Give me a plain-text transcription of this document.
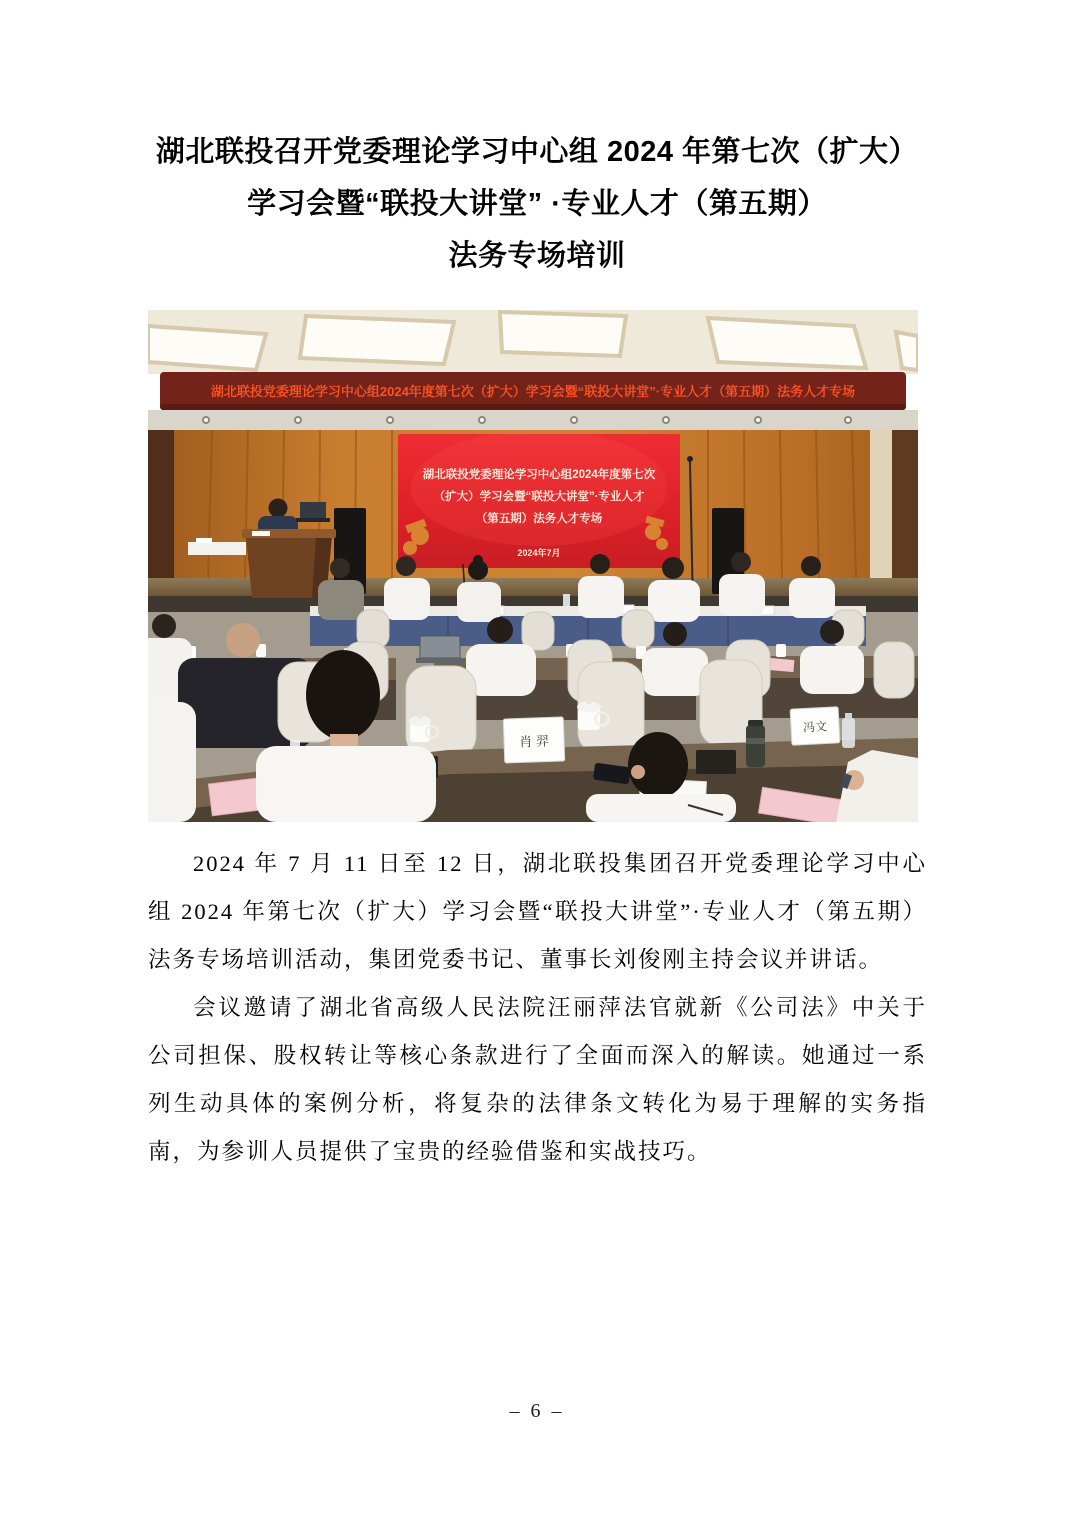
湖北联投召开党委理论学习中心组 2024 年第七次（扩大）
学习会暨“联投大讲堂” ·专业人才（第五期）
法务专场培训
湖北联投党委理论学习中心组2024年度第七次（扩大）学习会暨“联投大讲堂”·专业人才（第五期）法务人才专场
湖北联投党委理论学习中心组2024年度第七次
（扩大）学习会暨“联投大讲堂”·专业人才
（第五期）法务人才专场
2024年7月
肖 羿
冯文

2024 年 7 月 11 日至 12 日，湖北联投集团召开党委理论学习中心组 2024 年第七次（扩大）学习会暨“联投大讲堂”·专业人才（第五期）法务专场培训活动，集团党委书记、董事长刘俊刚主持会议并讲话。

会议邀请了湖北省高级人民法院汪丽萍法官就新《公司法》中关于公司担保、股权转让等核心条款进行了全面而深入的解读。她通过一系列生动具体的案例分析，将复杂的法律条文转化为易于理解的实务指南，为参训人员提供了宝贵的经验借鉴和实战技巧。

– 6 –
